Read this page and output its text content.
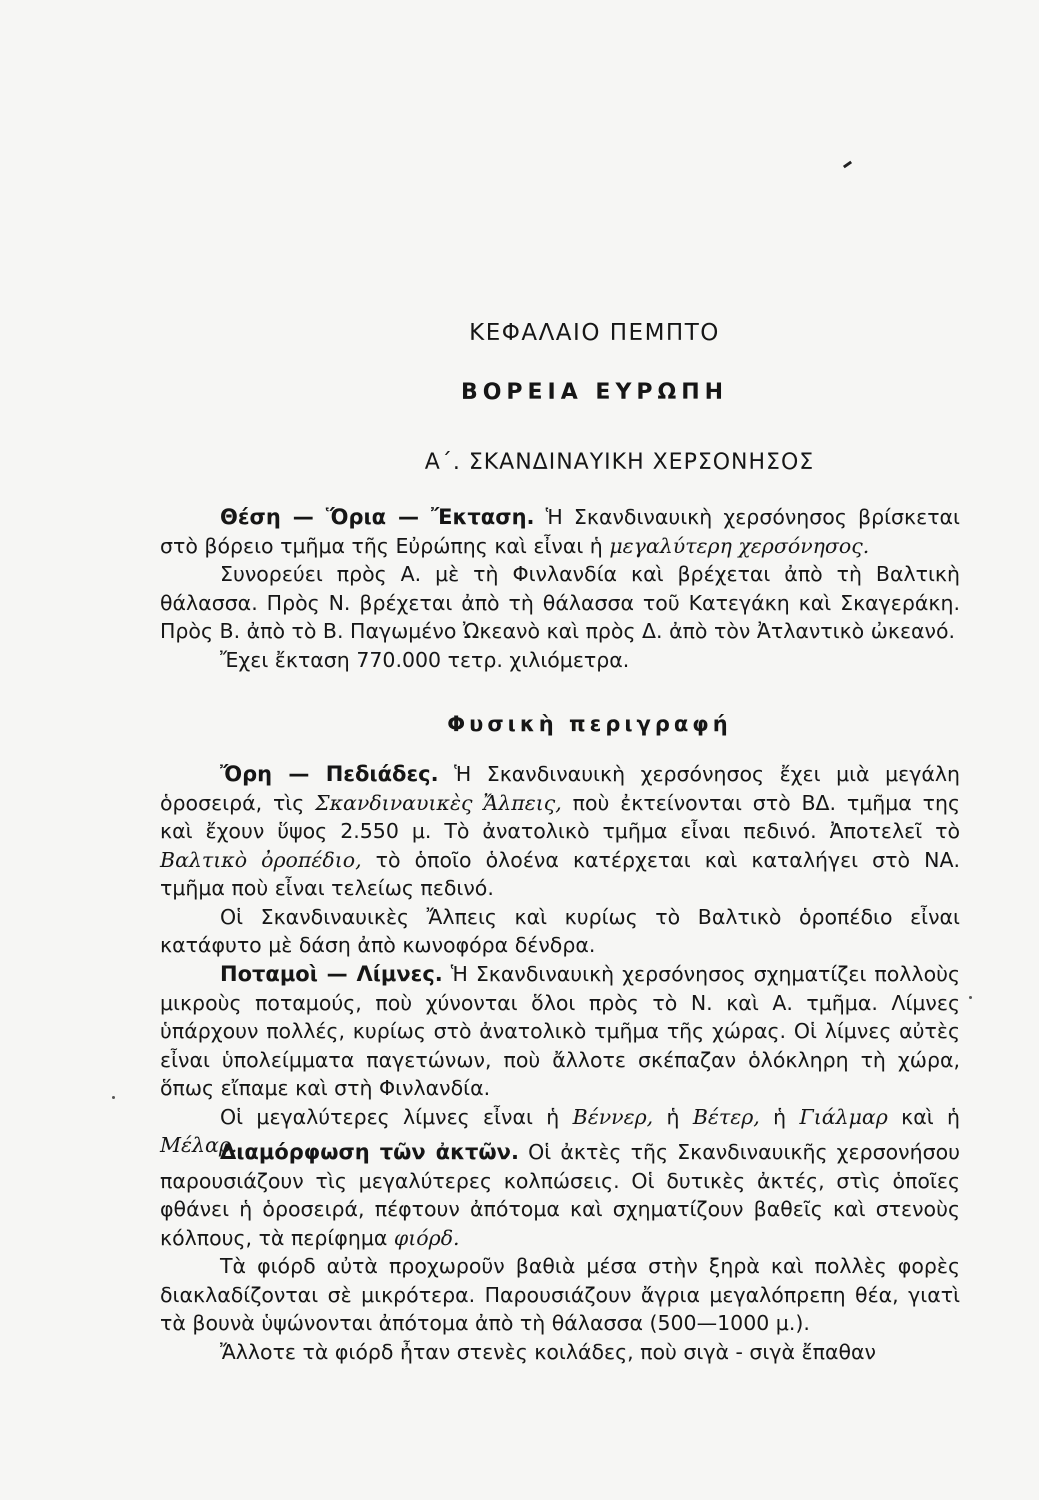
ΚΕΦΑΛΑΙΟ ΠΕΜΠΤΟ
ΒΟΡΕΙΑ ΕΥΡΩΠΗ
Α΄. ΣΚΑΝΔΙΝΑΥΙΚΗ ΧΕΡΣΟΝΗΣΟΣ

Θέση — Ὅρια — Ἔκταση. Ἡ Σκανδιναυικὴ χερσόνησος βρίσκεται στὸ βόρειο τμῆμα τῆς Εὐρώπης καὶ εἶναι ἡ μεγαλύτερη χερσόνησος.

Συνορεύει πρὸς Α. μὲ τὴ Φινλανδία καὶ βρέχεται ἀπὸ τὴ Βαλτικὴ θάλασσα. Πρὸς Ν. βρέχεται ἀπὸ τὴ θάλασσα τοῦ Κατεγάκη καὶ Σκαγεράκη. Πρὸς Β. ἀπὸ τὸ Β. Παγωμένο Ὠκεανὸ καὶ πρὸς Δ. ἀπὸ τὸν Ἀτλαντικὸ ὠκεανό.

Ἔχει ἔκταση 770.000 τετρ. χιλιόμετρα.

Φυσικὴ περιγραφή

Ὄρη — Πεδιάδες. Ἡ Σκανδιναυικὴ χερσόνησος ἔχει μιὰ μεγάλη ὁροσειρά, τὶς Σκανδιναυικὲς Ἄλπεις, ποὺ ἐκτείνονται στὸ ΒΔ. τμῆμα της καὶ ἔχουν ὕψος 2.550 μ. Τὸ ἀνατολικὸ τμῆμα εἶναι πεδινό. Ἀποτελεῖ τὸ Βαλτικὸ ὀροπέδιο, τὸ ὁποῖο ὁλοένα κατέρχεται καὶ καταλήγει στὸ ΝΑ. τμῆμα ποὺ εἶναι τελείως πεδινό.

Οἱ Σκανδιναυικὲς Ἄλπεις καὶ κυρίως τὸ Βαλτικὸ ὁροπέδιο εἶναι κατάφυτο μὲ δάση ἀπὸ κωνοφόρα δένδρα.

Ποταμοὶ — Λίμνες. Ἡ Σκανδιναυικὴ χερσόνησος σχηματίζει πολλοὺς μικροὺς ποταμούς, ποὺ χύνονται ὅλοι πρὸς τὸ Ν. καὶ Α. τμῆμα. Λίμνες ὑπάρχουν πολλές, κυρίως στὸ ἀνατολικὸ τμῆμα τῆς χώρας. Οἱ λίμνες αὐτὲς εἶναι ὑπολείμματα παγετώνων, ποὺ ἄλλοτε σκέπαζαν ὁλόκληρη τὴ χώρα, ὅπως εἴπαμε καὶ στὴ Φινλανδία.

Οἱ μεγαλύτερες λίμνες εἶναι ἡ Βέννερ, ἡ Βέτερ, ἡ Γιάλμαρ καὶ ἡ Μέλαρ.

Διαμόρφωση τῶν ἀκτῶν. Οἱ ἀκτὲς τῆς Σκανδιναυικῆς χερσονήσου παρουσιάζουν τὶς μεγαλύτερες κολπώσεις. Οἱ δυτικὲς ἀκτές, στὶς ὁποῖες φθάνει ἡ ὁροσειρά, πέφτουν ἀπότομα καὶ σχηματίζουν βαθεῖς καὶ στενοὺς κόλπους, τὰ περίφημα φιόρδ.

Τὰ φιόρδ αὐτὰ προχωροῦν βαθιὰ μέσα στὴν ξηρὰ καὶ πολλὲς φορὲς διακλαδίζονται σὲ μικρότερα. Παρουσιάζουν ἄγρια μεγαλόπρεπη θέα, γιατὶ τὰ βουνὰ ὑψώνονται ἀπότομα ἀπὸ τὴ θάλασσα (500—1000 μ.).

Ἄλλοτε τὰ φιόρδ ἦταν στενὲς κοιλάδες, ποὺ σιγὰ - σιγὰ ἔπαθαν
